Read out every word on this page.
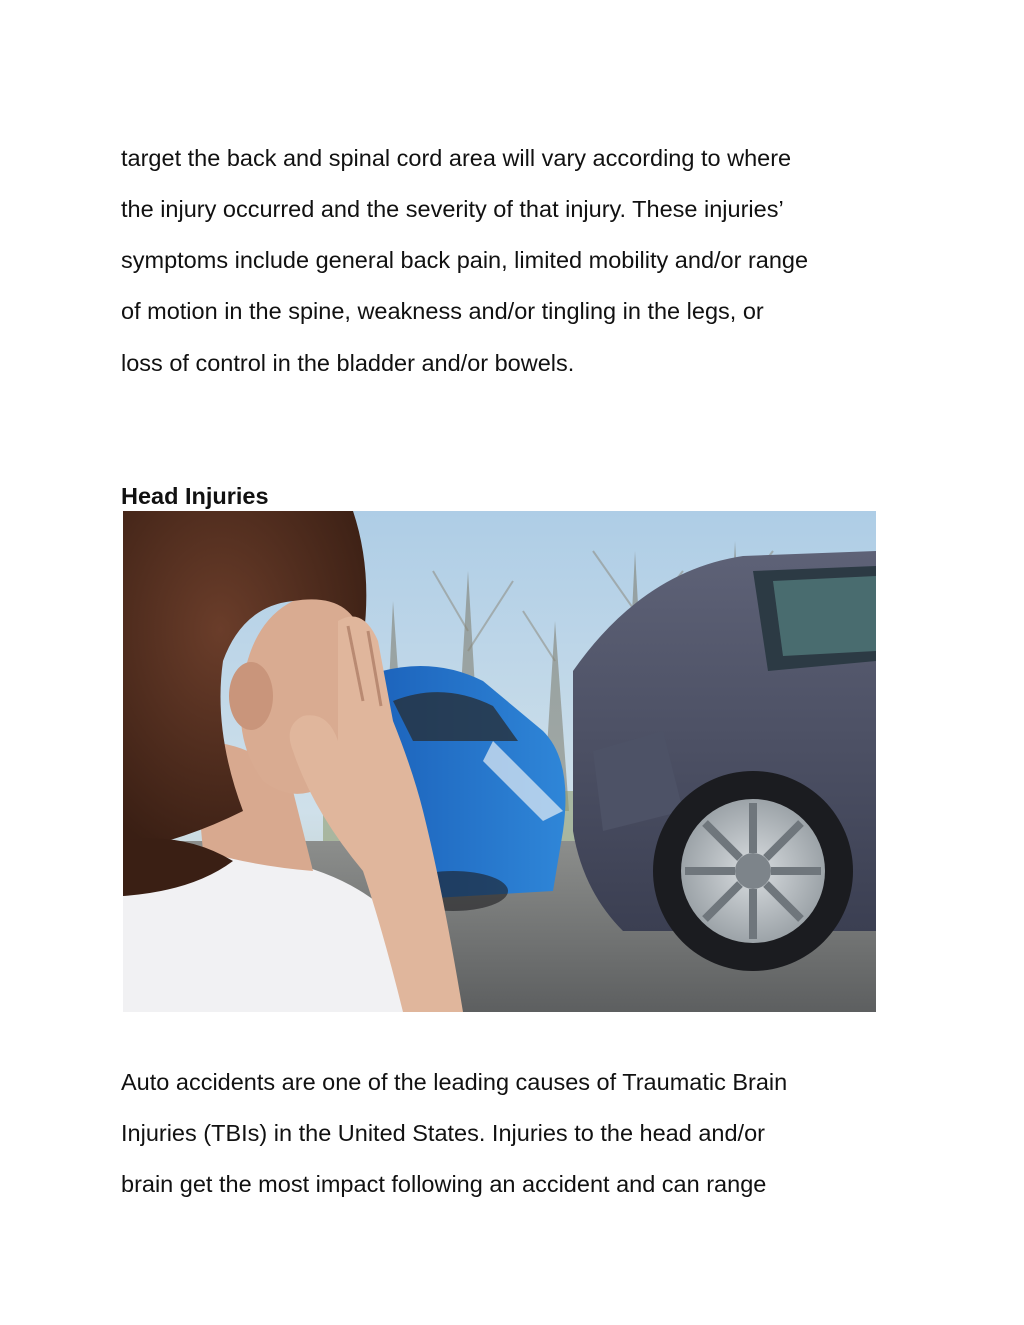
target the back and spinal cord area will vary according to where
the injury occurred and the severity of that injury. These injuries’
symptoms include general back pain, limited mobility and/or range
of motion in the spine, weakness and/or tingling in the legs, or
loss of control in the bladder and/or bowels.
Head Injuries
Auto accidents are one of the leading causes of Traumatic Brain
Injuries (TBIs) in the United States. Injuries to the head and/or
brain get the most impact following an accident and can range
